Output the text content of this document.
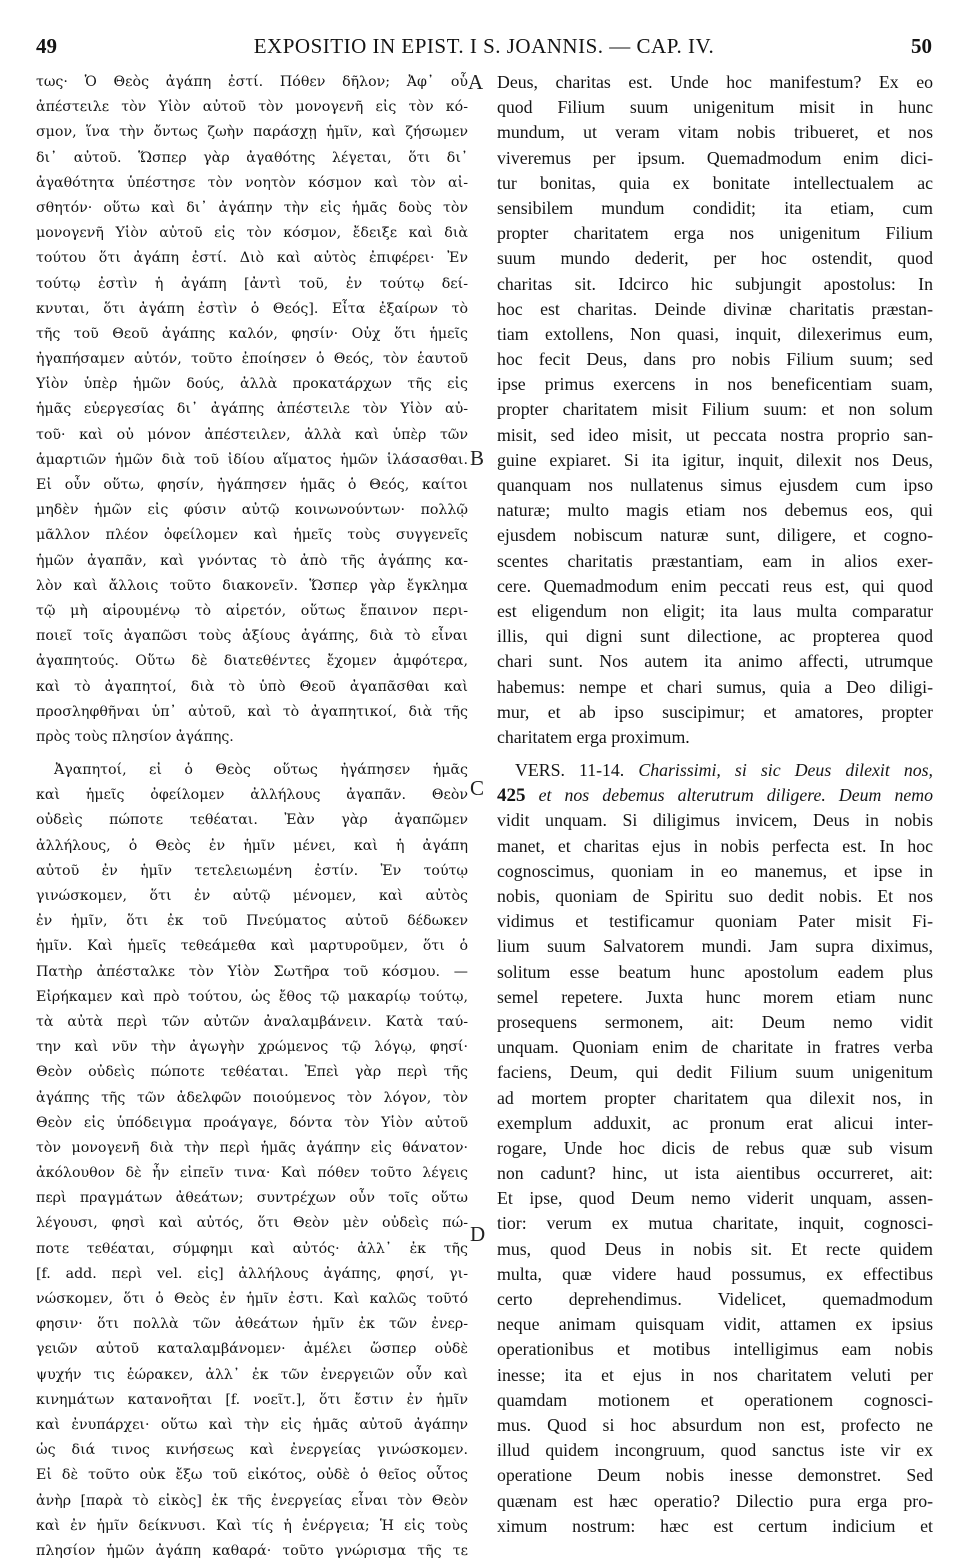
49	EXPOSITIO IN EPIST. I S. JOANNIS. — CAP. IV.	50
A
B
C
D
τως· Ὁ Θεὸς ἀγάπη ἐστί. Πόθεν δῆλον; Ἀφ᾽ οὗ
ἀπέστειλε τὸν Υἱὸν αὐτοῦ τὸν μονογενῆ εἰς τὸν κό-
σμον, ἵνα τὴν ὄντως ζωὴν παράσχῃ ἡμῖν, καὶ ζήσωμεν
δι᾽ αὐτοῦ. Ὥσπερ γὰρ ἀγαθότης λέγεται, ὅτι δι᾽
ἀγαθότητα ὑπέστησε τὸν νοητὸν κόσμον καὶ τὸν αἰ-
σθητόν· οὕτω καὶ δι᾽ ἀγάπην τὴν εἰς ἡμᾶς δοὺς τὸν
μονογενῆ Υἱὸν αὐτοῦ εἰς τὸν κόσμον, ἔδειξε καὶ διὰ
τούτου ὅτι ἀγάπη ἐστί. Διὸ καὶ αὐτὸς ἐπιφέρει· Ἐν
τούτῳ ἐστὶν ἡ ἀγάπη [ἀντὶ τοῦ, ἐν τούτῳ δεί-
κνυται, ὅτι ἀγάπη ἐστὶν ὁ Θεός]. Εἶτα ἐξαίρων τὸ
τῆς τοῦ Θεοῦ ἀγάπης καλόν, φησίν· Οὐχ ὅτι ἡμεῖς
ἠγαπήσαμεν αὐτόν, τοῦτο ἐποίησεν ὁ Θεός, τὸν ἑαυτοῦ
Υἱὸν ὑπὲρ ἡμῶν δούς, ἀλλὰ προκατάρχων τῆς εἰς
ἡμᾶς εὐεργεσίας δι᾽ ἀγάπης ἀπέστειλε τὸν Υἱὸν αὐ-
τοῦ· καὶ οὐ μόνον ἀπέστειλεν, ἀλλὰ καὶ ὑπὲρ τῶν
ἁμαρτιῶν ἡμῶν διὰ τοῦ ἰδίου αἵματος ἡμῶν ἱλάσασθαι.
Εἰ οὖν οὕτω, φησίν, ἠγάπησεν ἡμᾶς ὁ Θεός, καίτοι
μηδὲν ἡμῶν εἰς φύσιν αὐτῷ κοινωνούντων· πολλῷ
μᾶλλον πλέον ὀφείλομεν καὶ ἡμεῖς τοὺς συγγενεῖς
ἡμῶν ἀγαπᾶν, καὶ γνόντας τὸ ἀπὸ τῆς ἀγάπης κα-
λὸν καὶ ἄλλοις τοῦτο διακονεῖν. Ὥσπερ γὰρ ἔγκλημα
τῷ μὴ αἱρουμένῳ τὸ αἱρετόν, οὕτως ἔπαινον περι-
ποιεῖ τοῖς ἀγαπῶσι τοὺς ἀξίους ἀγάπης, διὰ τὸ εἶναι
ἀγαπητούς. Οὕτω δὲ διατεθέντες ἔχομεν ἀμφότερα,
καὶ τὸ ἀγαπητοί, διὰ τὸ ὑπὸ Θεοῦ ἀγαπᾶσθαι καὶ
προσληφθῆναι ὑπ᾽ αὐτοῦ, καὶ τὸ ἀγαπητικοί, διὰ τῆς
πρὸς τοὺς πλησίον ἀγάπης.
Ἀγαπητοί, εἰ ὁ Θεὸς οὕτως ἠγάπησεν ἡμᾶς
καὶ ἡμεῖς ὀφείλομεν ἀλλήλους ἀγαπᾶν. Θεὸν
οὐδεὶς πώποτε τεθέαται. Ἐὰν γὰρ ἀγαπῶμεν
ἀλλήλους, ὁ Θεὸς ἐν ἡμῖν μένει, καὶ ἡ ἀγάπη
αὐτοῦ ἐν ἡμῖν τετελειωμένη ἐστίν. Ἐν τούτῳ
γινώσκομεν, ὅτι ἐν αὐτῷ μένομεν, καὶ αὐτὸς
ἐν ἡμῖν, ὅτι ἐκ τοῦ Πνεύματος αὐτοῦ δέδωκεν
ἡμῖν. Καὶ ἡμεῖς τεθεάμεθα καὶ μαρτυροῦμεν, ὅτι ὁ
Πατὴρ ἀπέσταλκε τὸν Υἱὸν Σωτῆρα τοῦ κόσμου. —
Εἰρήκαμεν καὶ πρὸ τούτου, ὡς ἔθος τῷ μακαρίῳ τούτῳ,
τὰ αὐτὰ περὶ τῶν αὐτῶν ἀναλαμβάνειν. Κατὰ ταύ-
την καὶ νῦν τὴν ἀγωγὴν χρώμενος τῷ λόγῳ, φησί·
Θεὸν οὐδεὶς πώποτε τεθέαται. Ἐπεὶ γὰρ περὶ τῆς
ἀγάπης τῆς τῶν ἀδελφῶν ποιούμενος τὸν λόγον, τὸν
Θεὸν εἰς ὑπόδειγμα προάγαγε, δόντα τὸν Υἱὸν αὐτοῦ
τὸν μονογενῆ διὰ τὴν περὶ ἡμᾶς ἀγάπην εἰς θάνατον·
ἀκόλουθον δὲ ἦν εἰπεῖν τινα· Καὶ πόθεν τοῦτο λέγεις
περὶ πραγμάτων ἀθεάτων; συντρέχων οὖν τοῖς οὕτω
λέγουσι, φησὶ καὶ αὐτός, ὅτι Θεὸν μὲν οὐδεὶς πώ-
ποτε τεθέαται, σύμφημι καὶ αὐτός· ἀλλ᾽ ἐκ τῆς
[f. add. περὶ vel. εἰς] ἀλλήλους ἀγάπης, φησί, γι-
νώσκομεν, ὅτι ὁ Θεὸς ἐν ἡμῖν ἐστι. Καὶ καλῶς τοῦτό
φησιν· ὅτι πολλὰ τῶν ἀθεάτων ἡμῖν ἐκ τῶν ἐνερ-
γειῶν αὐτοῦ καταλαμβάνομεν· ἀμέλει ὥσπερ οὐδὲ
ψυχήν τις ἑώρακεν, ἀλλ᾽ ἐκ τῶν ἐνεργειῶν οὖν καὶ
κινημάτων κατανοῆται [f. νοεῖτ.], ὅτι ἔστιν ἐν ἡμῖν
καὶ ἐνυπάρχει· οὕτω καὶ τὴν εἰς ἡμᾶς αὐτοῦ ἀγάπην
ὡς διά τινος κινήσεως καὶ ἐνεργείας γινώσκομεν.
Εἰ δὲ τοῦτο οὐκ ἔξω τοῦ εἰκότος, οὐδὲ ὁ θεῖος οὗτος
ἀνὴρ [παρὰ τὸ εἰκὸς] ἐκ τῆς ἐνεργείας εἶναι τὸν Θεὸν
καὶ ἐν ἡμῖν δείκνυσι. Καὶ τίς ἡ ἐνέργεια; Ἡ εἰς τοὺς
πλησίον ἡμῶν ἀγάπη καθαρά· τοῦτο γνώρισμα τῆς τε
Deus, charitas est. Unde hoc manifestum? Ex eo
quod Filium suum unigenitum misit in hunc
mundum, ut veram vitam nobis tribueret, et nos
viveremus per ipsum. Quemadmodum enim dici-
tur bonitas, quia ex bonitate intellectualem ac
sensibilem mundum condidit; ita etiam, cum
propter charitatem erga nos unigenitum Filium
suum mundo dederit, per hoc ostendit, quod
charitas sit. Idcirco hic subjungit apostolus: In
hoc est charitas. Deinde divinæ charitatis præstan-
tiam extollens, Non quasi, inquit, dilexerimus eum,
hoc fecit Deus, dans pro nobis Filium suum; sed
ipse primus exercens in nos beneficentiam suam,
propter charitatem misit Filium suum: et non solum
misit, sed ideo misit, ut peccata nostra proprio san-
guine expiaret. Si ita igitur, inquit, dilexit nos Deus,
quanquam nos nullatenus simus ejusdem cum ipso
naturæ; multo magis etiam nos debemus eos, qui
ejusdem nobiscum naturæ sunt, diligere, et cogno-
scentes charitatis præstantiam, eam in alios exer-
cere. Quemadmodum enim peccati reus est, qui quod
est eligendum non eligit; ita laus multa comparatur
illis, qui digni sunt dilectione, ac propterea quod
chari sunt. Nos autem ita animo affecti, utrumque
habemus: nempe et chari sumus, quia a Deo diligi-
mur, et ab ipso suscipimur; et amatores, propter
charitatem erga proximum.
VERS. 11-14. Charissimi, si sic Deus dilexit nos,
425 et nos debemus alterutrum diligere. Deum nemo
vidit unquam. Si diligimus invicem, Deus in nobis
manet, et charitas ejus in nobis perfecta est. In hoc
cognoscimus, quoniam in eo manemus, et ipse in
nobis, quoniam de Spiritu suo dedit nobis. Et nos
vidimus et testificamur quoniam Pater misit Fi-
lium suum Salvatorem mundi. Jam supra diximus,
solitum esse beatum hunc apostolum eadem plus
semel repetere. Juxta hunc morem etiam nunc
prosequens sermonem, ait: Deum nemo vidit
unquam. Quoniam enim de charitate in fratres verba
faciens, Deum, qui dedit Filium suum unigenitum
ad mortem propter charitatem qua dilexit nos, in
exemplum adduxit, ac pronum erat alicui inter-
rogare, Unde hoc dicis de rebus quæ sub visum
non cadunt? hinc, ut ista aientibus occurreret, ait:
Et ipse, quod Deum nemo viderit unquam, assen-
tior: verum ex mutua charitate, inquit, cognosci-
mus, quod Deus in nobis sit. Et recte quidem
multa, quæ videre haud possumus, ex effectibus
certo deprehendimus. Videlicet, quemadmodum
neque animam quisquam vidit, attamen ex ipsius
operationibus et motibus intelligimus eam nobis
inesse; ita et ejus in nos charitatem veluti per
quamdam motionem et operationem cognosci-
mus. Quod si hoc absurdum non est, profecto ne
illud quidem incongruum, quod sanctus iste vir ex
operatione Deum nobis inesse demonstret. Sed
quænam est hæc operatio? Dilectio pura erga pro-
ximum nostrum: hæc est certum indicium et
